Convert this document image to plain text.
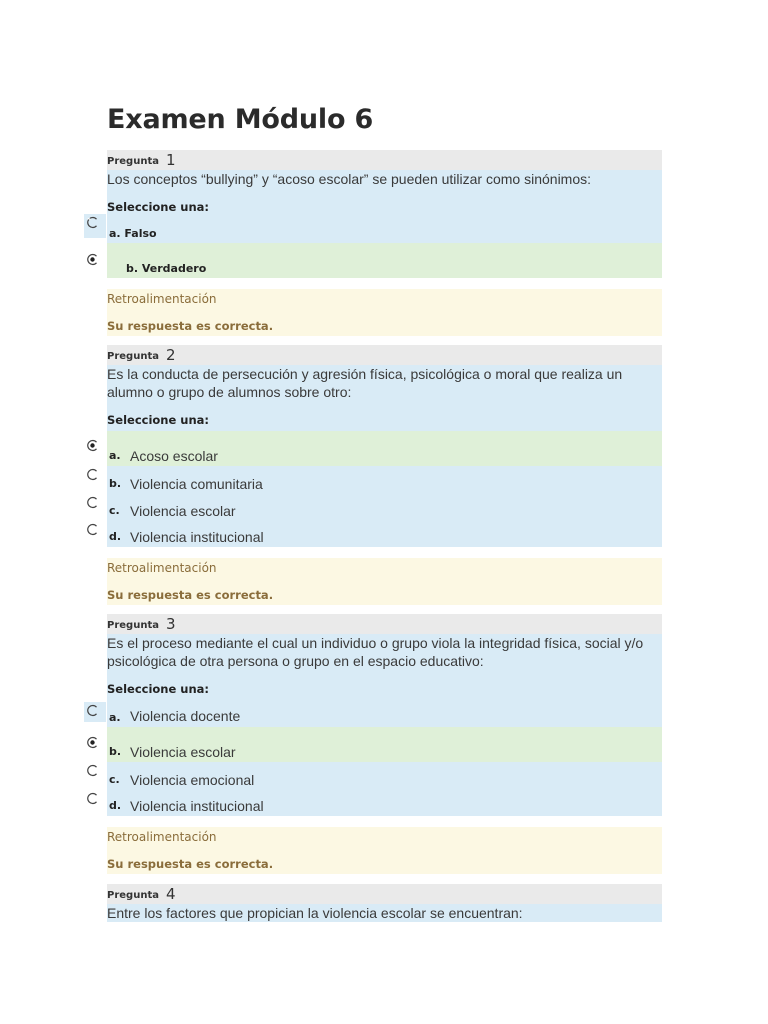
Examen Módulo 6
Pregunta 1
Los conceptos “bullying” y “acoso escolar” se pueden utilizar como sinónimos:
Seleccione una:
a. Falso
b. Verdadero
Retroalimentación
Su respuesta es correcta.
Pregunta 2
Es la conducta de persecución y agresión física, psicológica o moral que realiza un alumno o grupo de alumnos sobre otro:
Seleccione una:
a. Acoso escolar
b. Violencia comunitaria
c. Violencia escolar
d. Violencia institucional
Retroalimentación
Su respuesta es correcta.
Pregunta 3
Es el proceso mediante el cual un individuo o grupo viola la integridad física, social y/o psicológica de otra persona o grupo en el espacio educativo:
Seleccione una:
a. Violencia docente
b. Violencia escolar
c. Violencia emocional
d. Violencia institucional
Retroalimentación
Su respuesta es correcta.
Pregunta 4
Entre los factores que propician la violencia escolar se encuentran:
